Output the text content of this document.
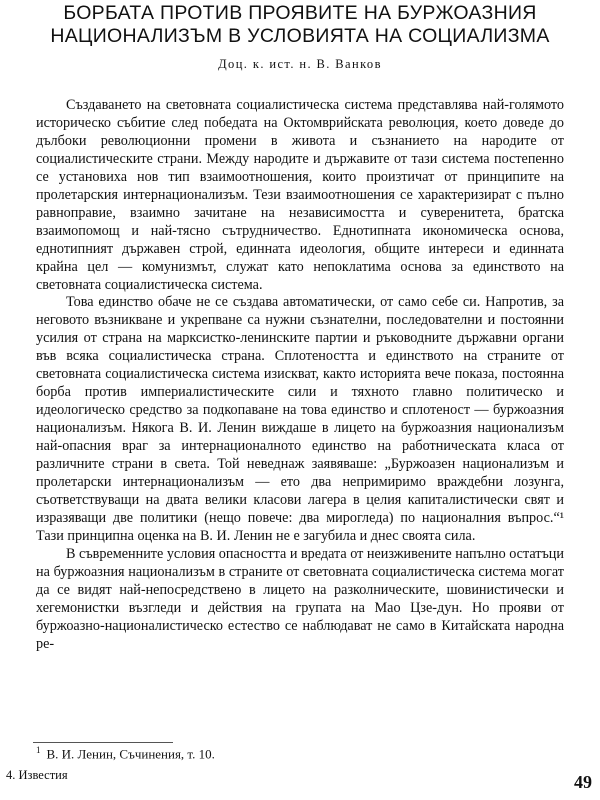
БОРБАТА ПРОТИВ ПРОЯВИТЕ НА БУРЖОАЗНИЯ
НАЦИОНАЛИЗЪМ В УСЛОВИЯТА НА СОЦИАЛИЗМА

Доц. к. ист. н. В. Ванков

Създаването на световната социалистическа система представлява най-голямото историческо събитие след победата на Октомврийската революция, което доведе до дълбоки революционни промени в живота и съзнанието на народите от социалистическите страни. Между народите и държавите от тази система постепенно се установиха нов тип взаимоотношения, които произтичат от принципите на пролетарския интернационализъм. Тези взаимоотношения се характеризират с пълно равноправие, взаимно зачитане на независимостта и суверенитета, братска взаимопомощ и най-тясно сътрудничество. Еднотипната икономическа основа, еднотипният държавен строй, единната идеология, общите интереси и единната крайна цел — комунизмът, служат като непоклатима основа за единството на световната социалистическа система.

Това единство обаче не се създава автоматически, от само себе си. Напротив, за неговото възникване и укрепване са нужни съзнателни, последователни и постоянни усилия от страна на марксистко-ленинските партии и ръководните държавни органи във всяка социалистическа страна. Сплотеността и единството на страните от световната социалистическа система изискват, както историята вече показа, постоянна борба против империалистическите сили и тяхното главно политическо и идеологическо средство за подкопаване на това единство и сплотеност — буржоазния национализъм. Някога В. И. Ленин виждаше в лицето на буржоазния национализъм най-опасния враг за интернационалното единство на работническата класа от различните страни в света. Той неведнаж заявяваше: „Буржоазен национализъм и пролетарски интернационализъм — ето два непримиримо враждебни лозунга, съответствуващи на двата велики класови лагера в целия капиталистически свят и изразяващи две политики (нещо повече: два мирогледа) по националния въпрос.“¹ Тази принципна оценка на В. И. Ленин не е загубила и днес своята сила.

В съвременните условия опасността и вредата от неизживените напълно остатъци на буржоазния национализъм в страните от световната социалистическа система могат да се видят най-непосредствено в лицето на разколническите, шовинистически и хегемонистки възгледи и действия на групата на Мао Цзе-дун. Но прояви от буржоазно-националистическо естество се наблюдават не само в Китайската народна ре-

$^1$ В. И. Ленин, Съчинения, т. 10.

4. Известия	49
